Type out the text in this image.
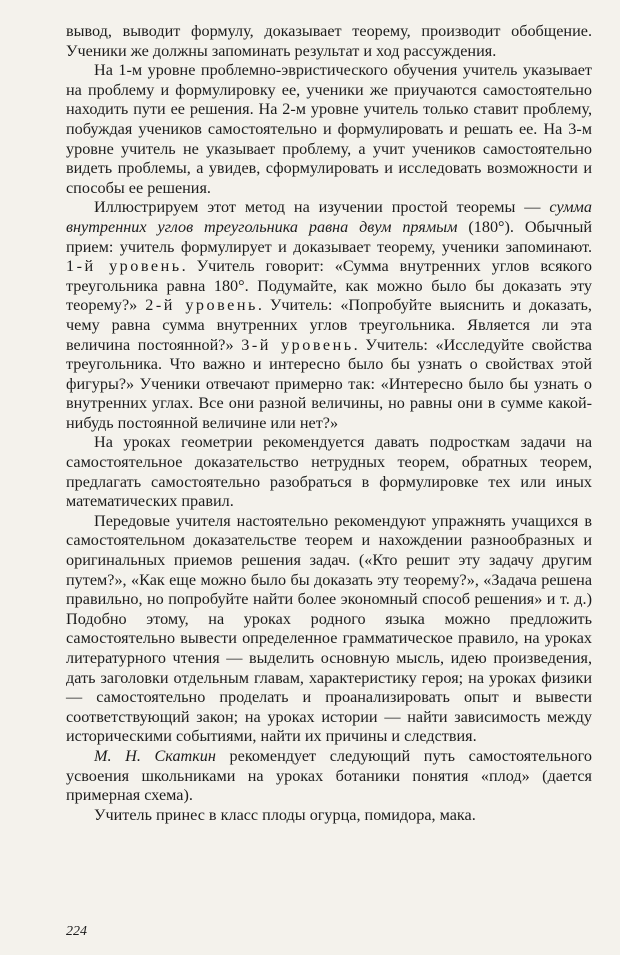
вывод, выводит формулу, доказывает теорему, производит обобщение. Ученики же должны запоминать результат и ход рассуждения.

На 1-м уровне проблемно-эвристического обучения учитель указывает на проблему и формулировку ее, ученики же приучаются самостоятельно находить пути ее решения. На 2-м уровне учитель только ставит проблему, побуждая учеников самостоятельно и формулировать и решать ее. На 3-м уровне учитель не указывает проблему, а учит учеников самостоятельно видеть проблемы, а увидев, сформулировать и исследовать возможности и способы ее решения.

Иллюстрируем этот метод на изучении простой теоремы — сумма внутренних углов треугольника равна двум прямым (180°). Обычный прием: учитель формулирует и доказывает теорему, ученики запоминают. 1-й уровень. Учитель говорит: «Сумма внутренних углов всякого треугольника равна 180°. Подумайте, как можно было бы доказать эту теорему?» 2-й уровень. Учитель: «Попробуйте выяснить и доказать, чему равна сумма внутренних углов треугольника. Является ли эта величина постоянной?» 3-й уровень. Учитель: «Исследуйте свойства треугольника. Что важно и интересно было бы узнать о свойствах этой фигуры?» Ученики отвечают примерно так: «Интересно было бы узнать о внутренних углах. Все они разной величины, но равны они в сумме какой-нибудь постоянной величине или нет?»

На уроках геометрии рекомендуется давать подросткам задачи на самостоятельное доказательство нетрудных теорем, обратных теорем, предлагать самостоятельно разобраться в формулировке тех или иных математических правил.

Передовые учителя настоятельно рекомендуют упражнять учащихся в самостоятельном доказательстве теорем и нахождении разнообразных и оригинальных приемов решения задач. («Кто решит эту задачу другим путем?», «Как еще можно было бы доказать эту теорему?», «Задача решена правильно, но попробуйте найти более экономный способ решения» и т. д.) Подобно этому, на уроках родного языка можно предложить самостоятельно вывести определенное грамматическое правило, на уроках литературного чтения — выделить основную мысль, идею произведения, дать заголовки отдельным главам, характеристику героя; на уроках физики — самостоятельно проделать и проанализировать опыт и вывести соответствующий закон; на уроках истории — найти зависимость между историческими событиями, найти их причины и следствия.

М. Н. Скаткин рекомендует следующий путь самостоятельного усвоения школьниками на уроках ботаники понятия «плод» (дается примерная схема).

Учитель принес в класс плоды огурца, помидора, мака.

224
